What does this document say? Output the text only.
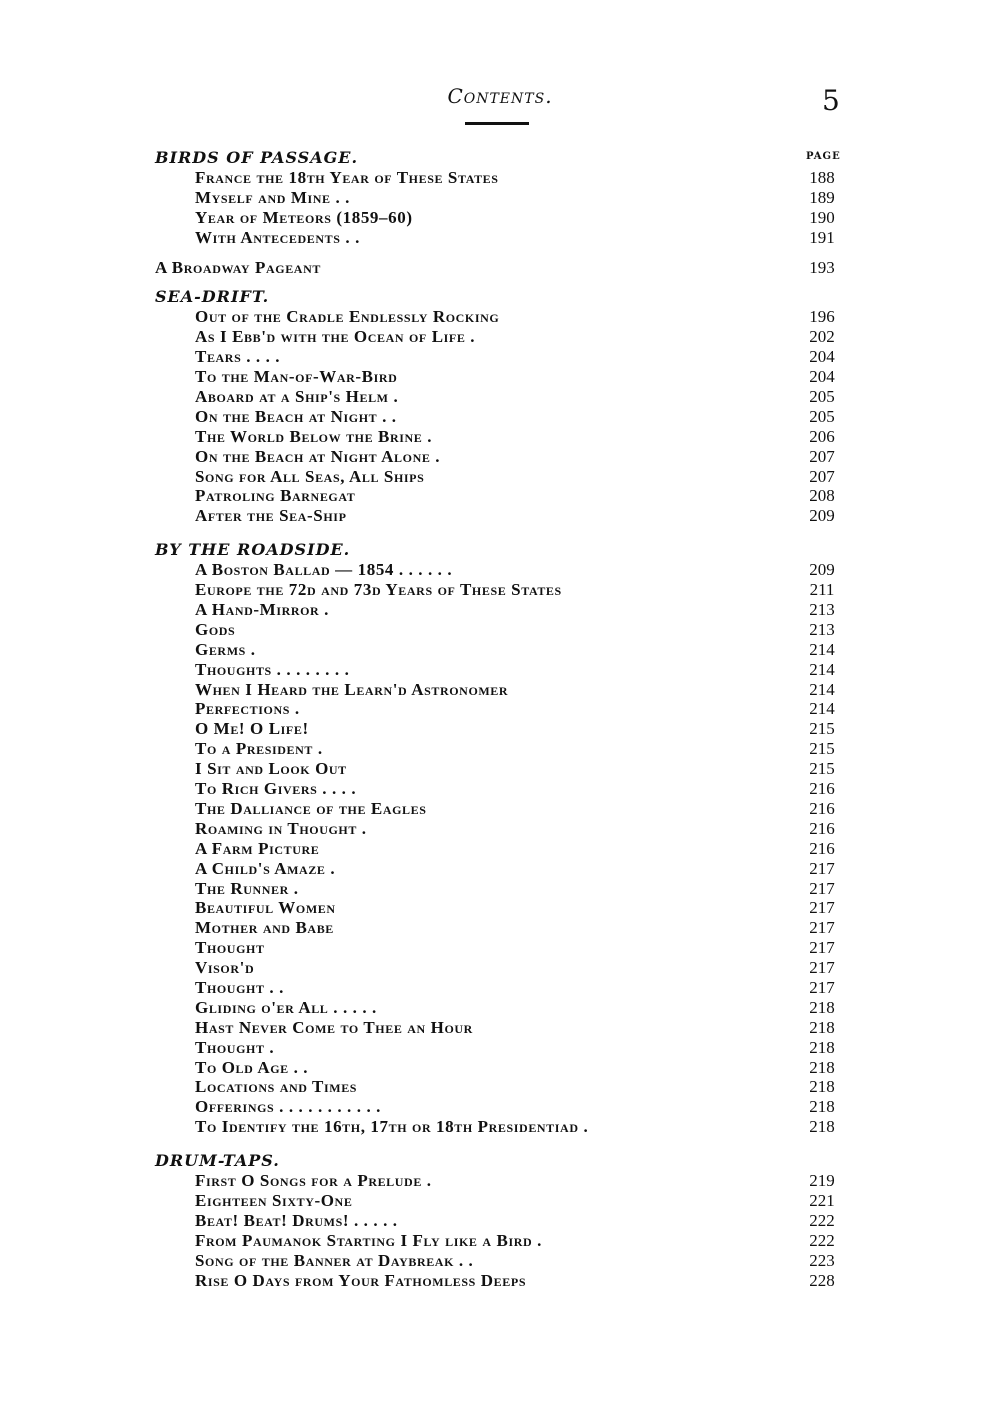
Contents.	5
PAGE
BIRDS OF PASSAGE.
France the 18th Year of These States	188
Myself and Mine . .	189
Year of Meteors (1859–60)	190
With Antecedents . .	191
A Broadway Pageant	193
SEA-DRIFT.
Out of the Cradle Endlessly Rocking	196
As I Ebb'd with the Ocean of Life .	202
Tears . . . .	204
To the Man-of-War-Bird	204
Aboard at a Ship's Helm .	205
On the Beach at Night . .	205
The World Below the Brine .	206
On the Beach at Night Alone .	207
Song for All Seas, All Ships	207
Patroling Barnegat	208
After the Sea-Ship	209
BY THE ROADSIDE.
A Boston Ballad — 1854 . . . . . .	209
Europe the 72d and 73d Years of These States	211
A Hand-Mirror .	213
Gods	213
Germs .	214
Thoughts . . . . . . . .	214
When I Heard the Learn'd Astronomer	214
Perfections .	214
O Me! O Life!	215
To a President .	215
I Sit and Look Out	215
To Rich Givers . . . .	216
The Dalliance of the Eagles	216
Roaming in Thought .	216
A Farm Picture	216
A Child's Amaze .	217
The Runner .	217
Beautiful Women	217
Mother and Babe	217
Thought	217
Visor'd	217
Thought . .	217
Gliding o'er All . . . . .	218
Hast Never Come to Thee an Hour	218
Thought .	218
To Old Age . .	218
Locations and Times	218
Offerings . . . . . . . . . . .	218
To Identify the 16th, 17th or 18th Presidentiad .	218
DRUM-TAPS.
First O Songs for a Prelude .	219
Eighteen Sixty-One	221
Beat! Beat! Drums! . . . . .	222
From Paumanok Starting I Fly like a Bird .	222
Song of the Banner at Daybreak . .	223
Rise O Days from Your Fathomless Deeps	228
